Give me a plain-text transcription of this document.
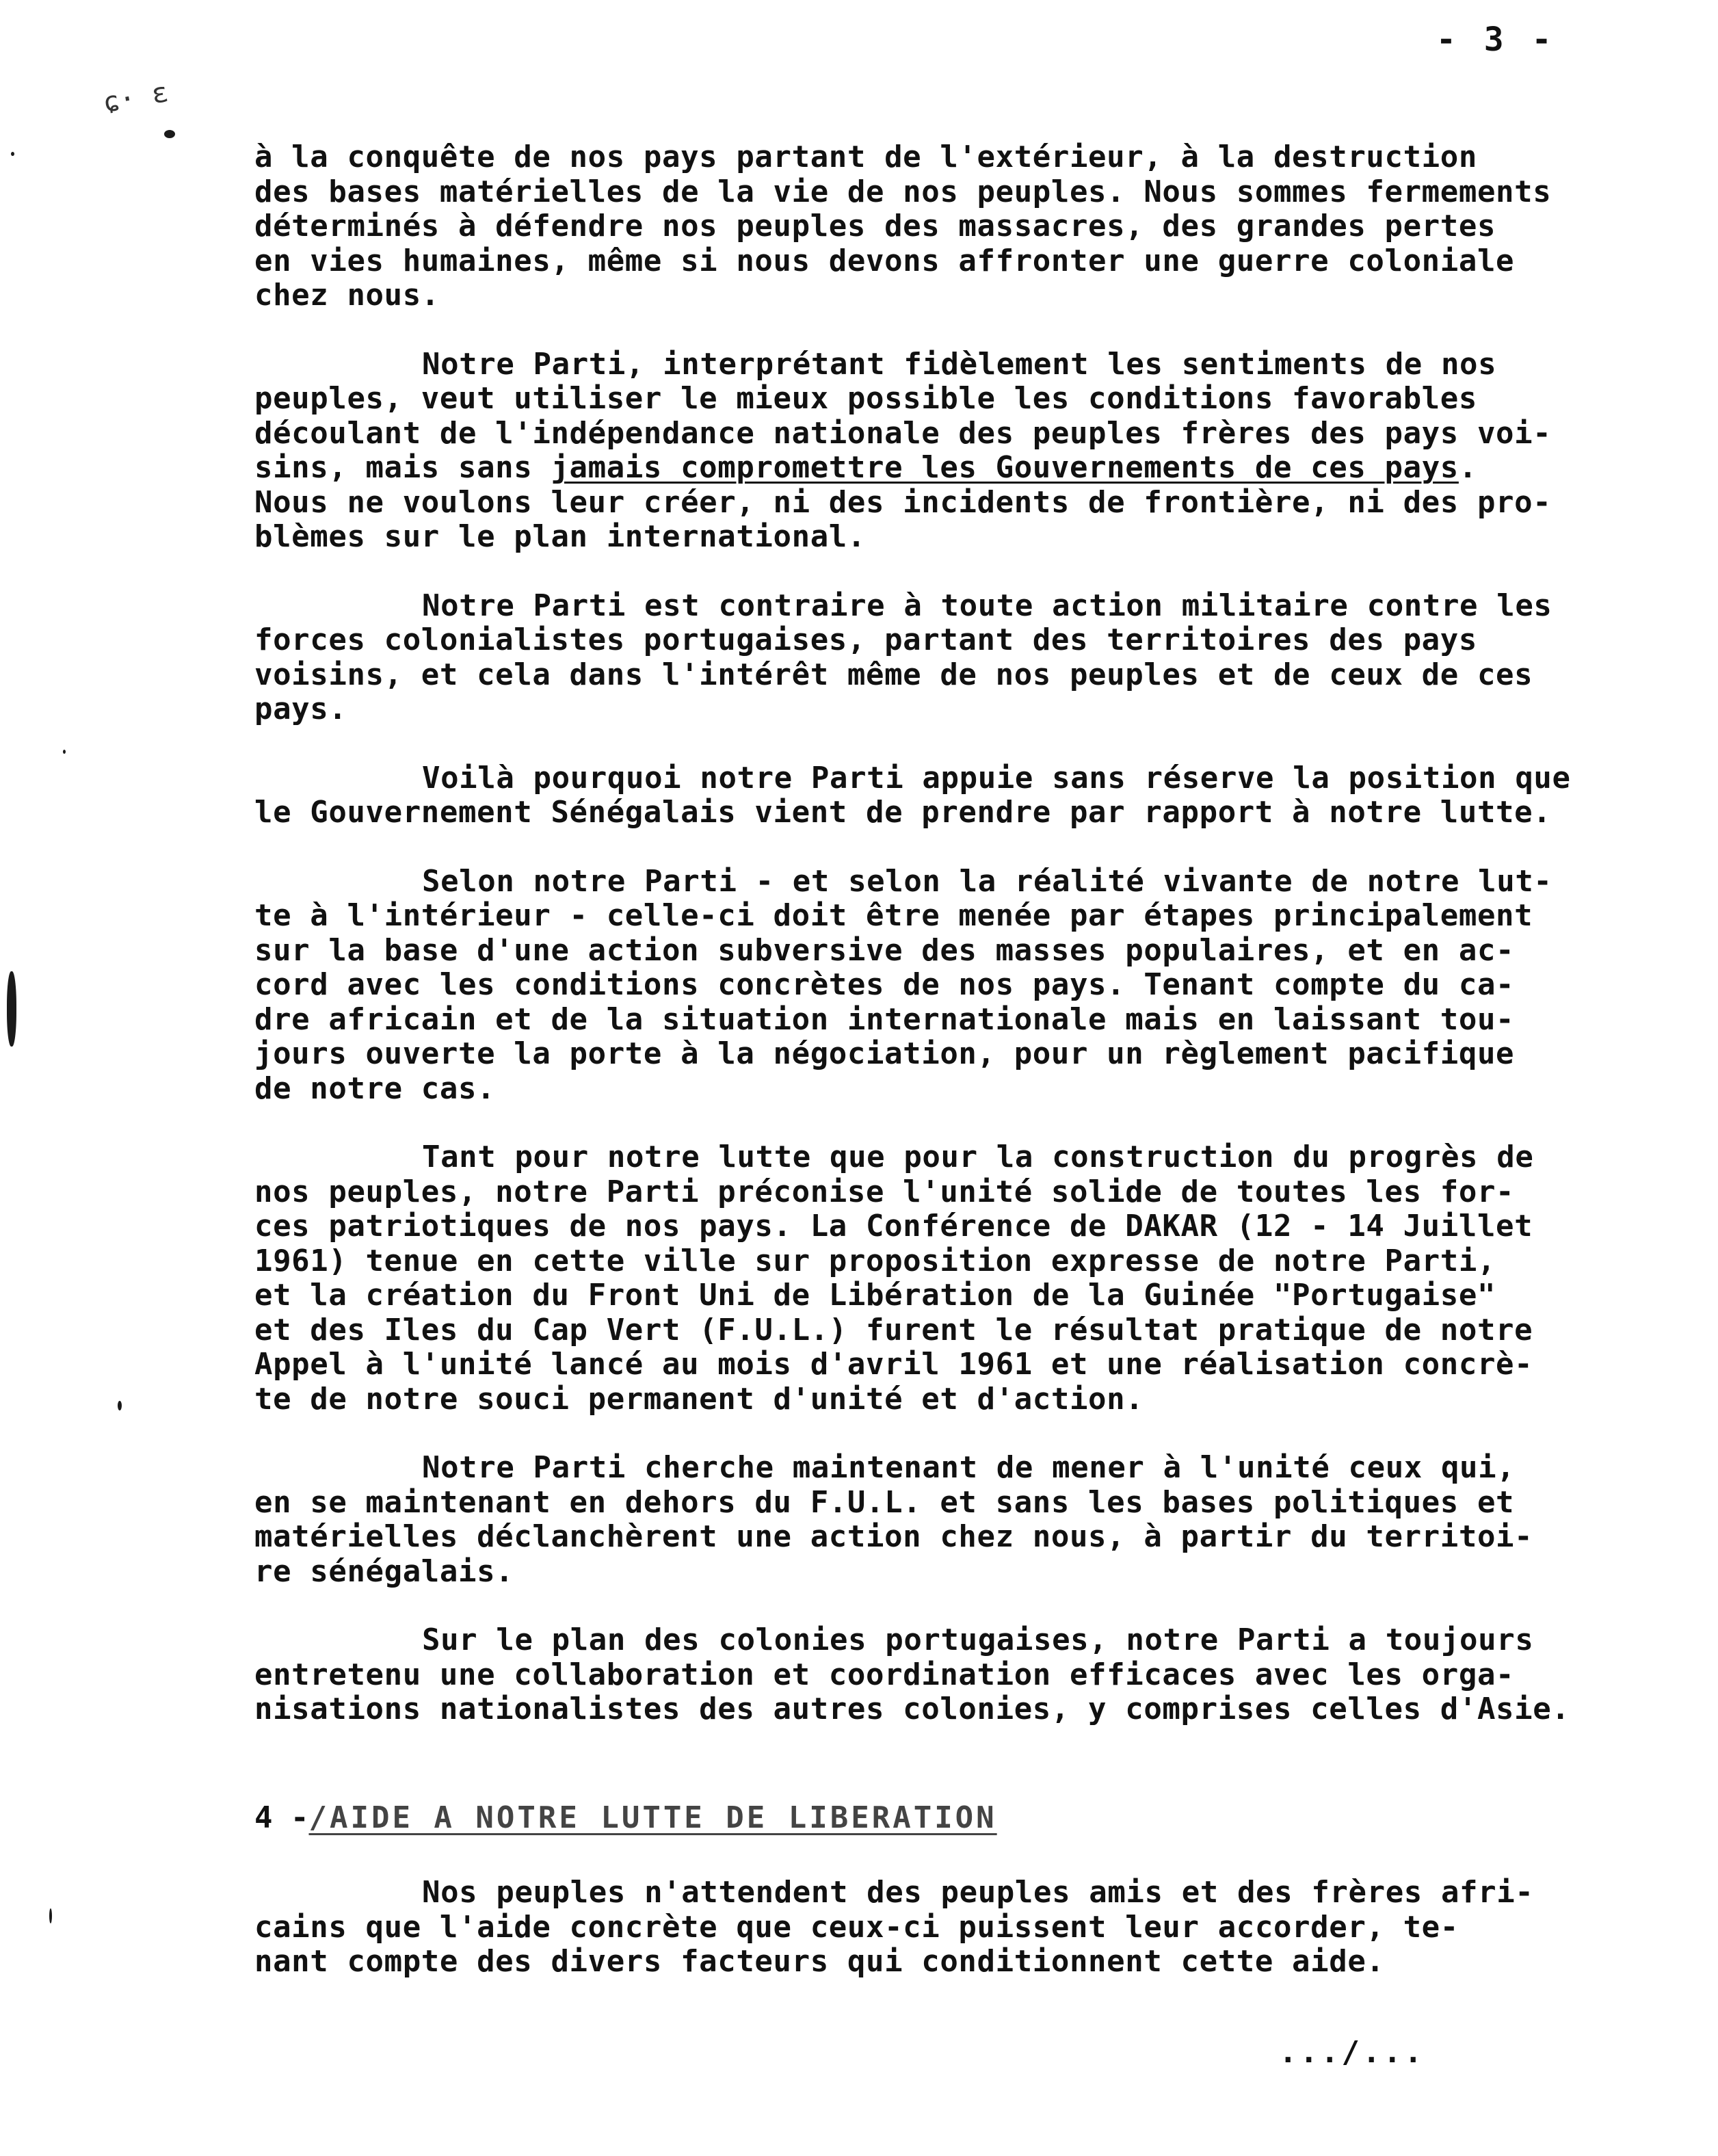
- 3 -
ɕ· ε

à la conquête de nos pays partant de l'extérieur, à la destruction
des bases matérielles de la vie de nos peuples. Nous sommes fermements
déterminés à défendre nos peuples des massacres, des grandes pertes
en vies humaines, même si nous devons affronter une guerre coloniale
chez nous.

Notre Parti, interprétant fidèlement les sentiments de nos
peuples, veut utiliser le mieux possible les conditions favorables
découlant de l'indépendance nationale des peuples frères des pays voi-
sins, mais sans jamais compromettre les Gouvernements de ces pays.
Nous ne voulons leur créer, ni des incidents de frontière, ni des pro-
blèmes sur le plan international.

Notre Parti est contraire à toute action militaire contre les
forces colonialistes portugaises, partant des territoires des pays
voisins, et cela dans l'intérêt même de nos peuples et de ceux de ces
pays.

Voilà pourquoi notre Parti appuie sans réserve la position que
le Gouvernement Sénégalais vient de prendre par rapport à notre lutte.

Selon notre Parti - et selon la réalité vivante de notre lut-
te à l'intérieur - celle-ci doit être menée par étapes principalement
sur la base d'une action subversive des masses populaires, et en ac-
cord avec les conditions concrètes de nos pays. Tenant compte du ca-
dre africain et de la situation internationale mais en laissant tou-
jours ouverte la porte à la négociation, pour un règlement pacifique
de notre cas.

Tant pour notre lutte que pour la construction du progrès de
nos peuples, notre Parti préconise l'unité solide de toutes les for-
ces patriotiques de nos pays. La Conférence de DAKAR (12 - 14 Juillet
1961) tenue en cette ville sur proposition expresse de notre Parti,
et la création du Front Uni de Libération de la Guinée "Portugaise"
et des Iles du Cap Vert (F.U.L.) furent le résultat pratique de notre
Appel à l'unité lancé au mois d'avril 1961 et une réalisation concrè-
te de notre souci permanent d'unité et d'action.

Notre Parti cherche maintenant de mener à l'unité ceux qui,
en se maintenant en dehors du F.U.L. et sans les bases politiques et
matérielles déclanchèrent une action chez nous, à partir du territoi-
re sénégalais.

Sur le plan des colonies portugaises, notre Parti a toujours
entretenu une collaboration et coordination efficaces avec les orga-
nisations nationalistes des autres colonies, y comprises celles d'Asie.

4 -/AIDE A NOTRE LUTTE DE LIBERATION
Nos peuples n'attendent des peuples amis et des frères afri-
cains que l'aide concrète que ceux-ci puissent leur accorder, te-
nant compte des divers facteurs qui conditionnent cette aide.
.../...
